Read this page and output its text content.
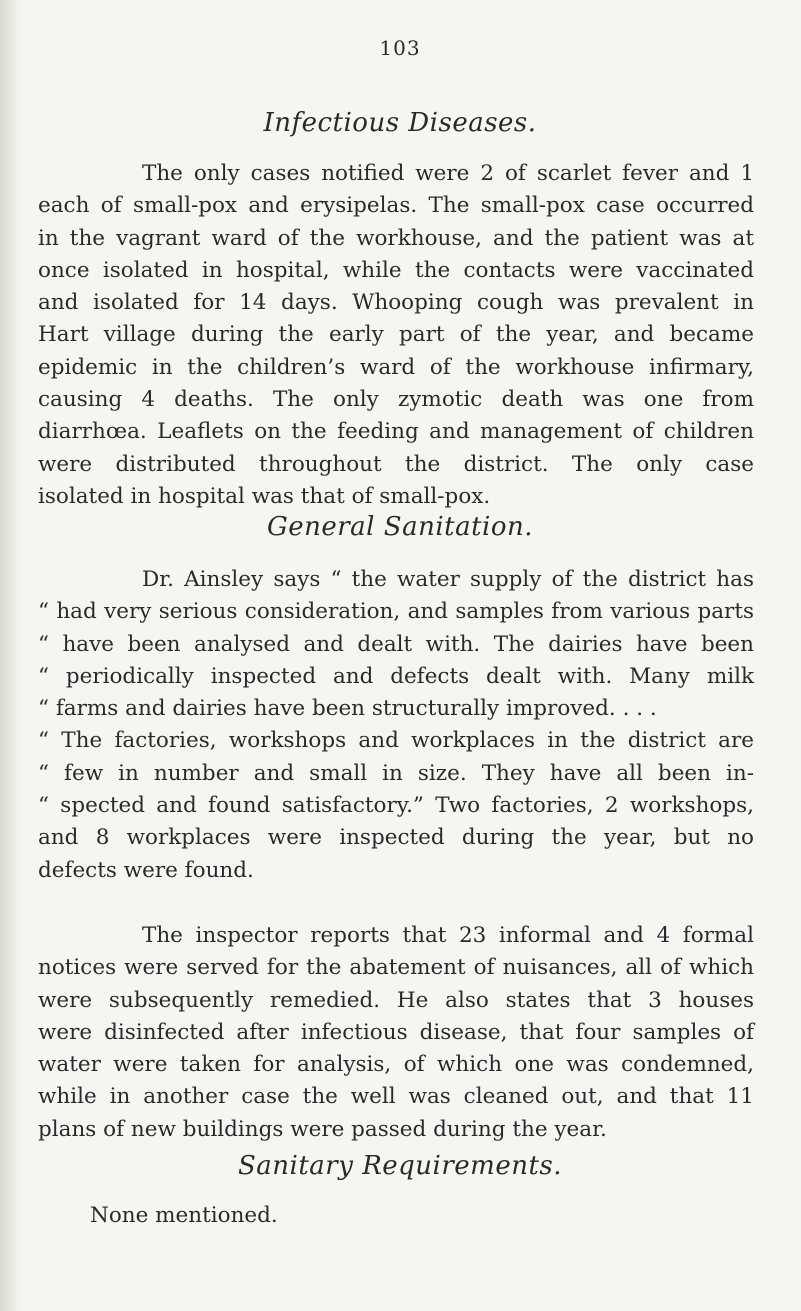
103
Infectious Diseases.
The only cases notified were 2 of scarlet fever and 1
each of small-pox and erysipelas. The small-pox case occurred
in the vagrant ward of the workhouse, and the patient was at
once isolated in hospital, while the contacts were vaccinated
and isolated for 14 days. Whooping cough was prevalent in
Hart village during the early part of the year, and became
epidemic in the children’s ward of the workhouse infirmary,
causing 4 deaths. The only zymotic death was one from
diarrhœa. Leaflets on the feeding and management of children
were distributed throughout the district. The only case
isolated in hospital was that of small-pox.
General Sanitation.
Dr. Ainsley says “ the water supply of the district has
“ had very serious consideration, and samples from various parts
“ have been analysed and dealt with. The dairies have been
“ periodically inspected and defects dealt with. Many milk
“ farms and dairies have been structurally improved. . . .
“ The factories, workshops and workplaces in the district are
“ few in number and small in size. They have all been in-
“ spected and found satisfactory.” Two factories, 2 workshops,
and 8 workplaces were inspected during the year, but no
defects were found.
The inspector reports that 23 informal and 4 formal
notices were served for the abatement of nuisances, all of which
were subsequently remedied. He also states that 3 houses
were disinfected after infectious disease, that four samples of
water were taken for analysis, of which one was condemned,
while in another case the well was cleaned out, and that 11
plans of new buildings were passed during the year.
Sanitary Requirements.
None mentioned.
